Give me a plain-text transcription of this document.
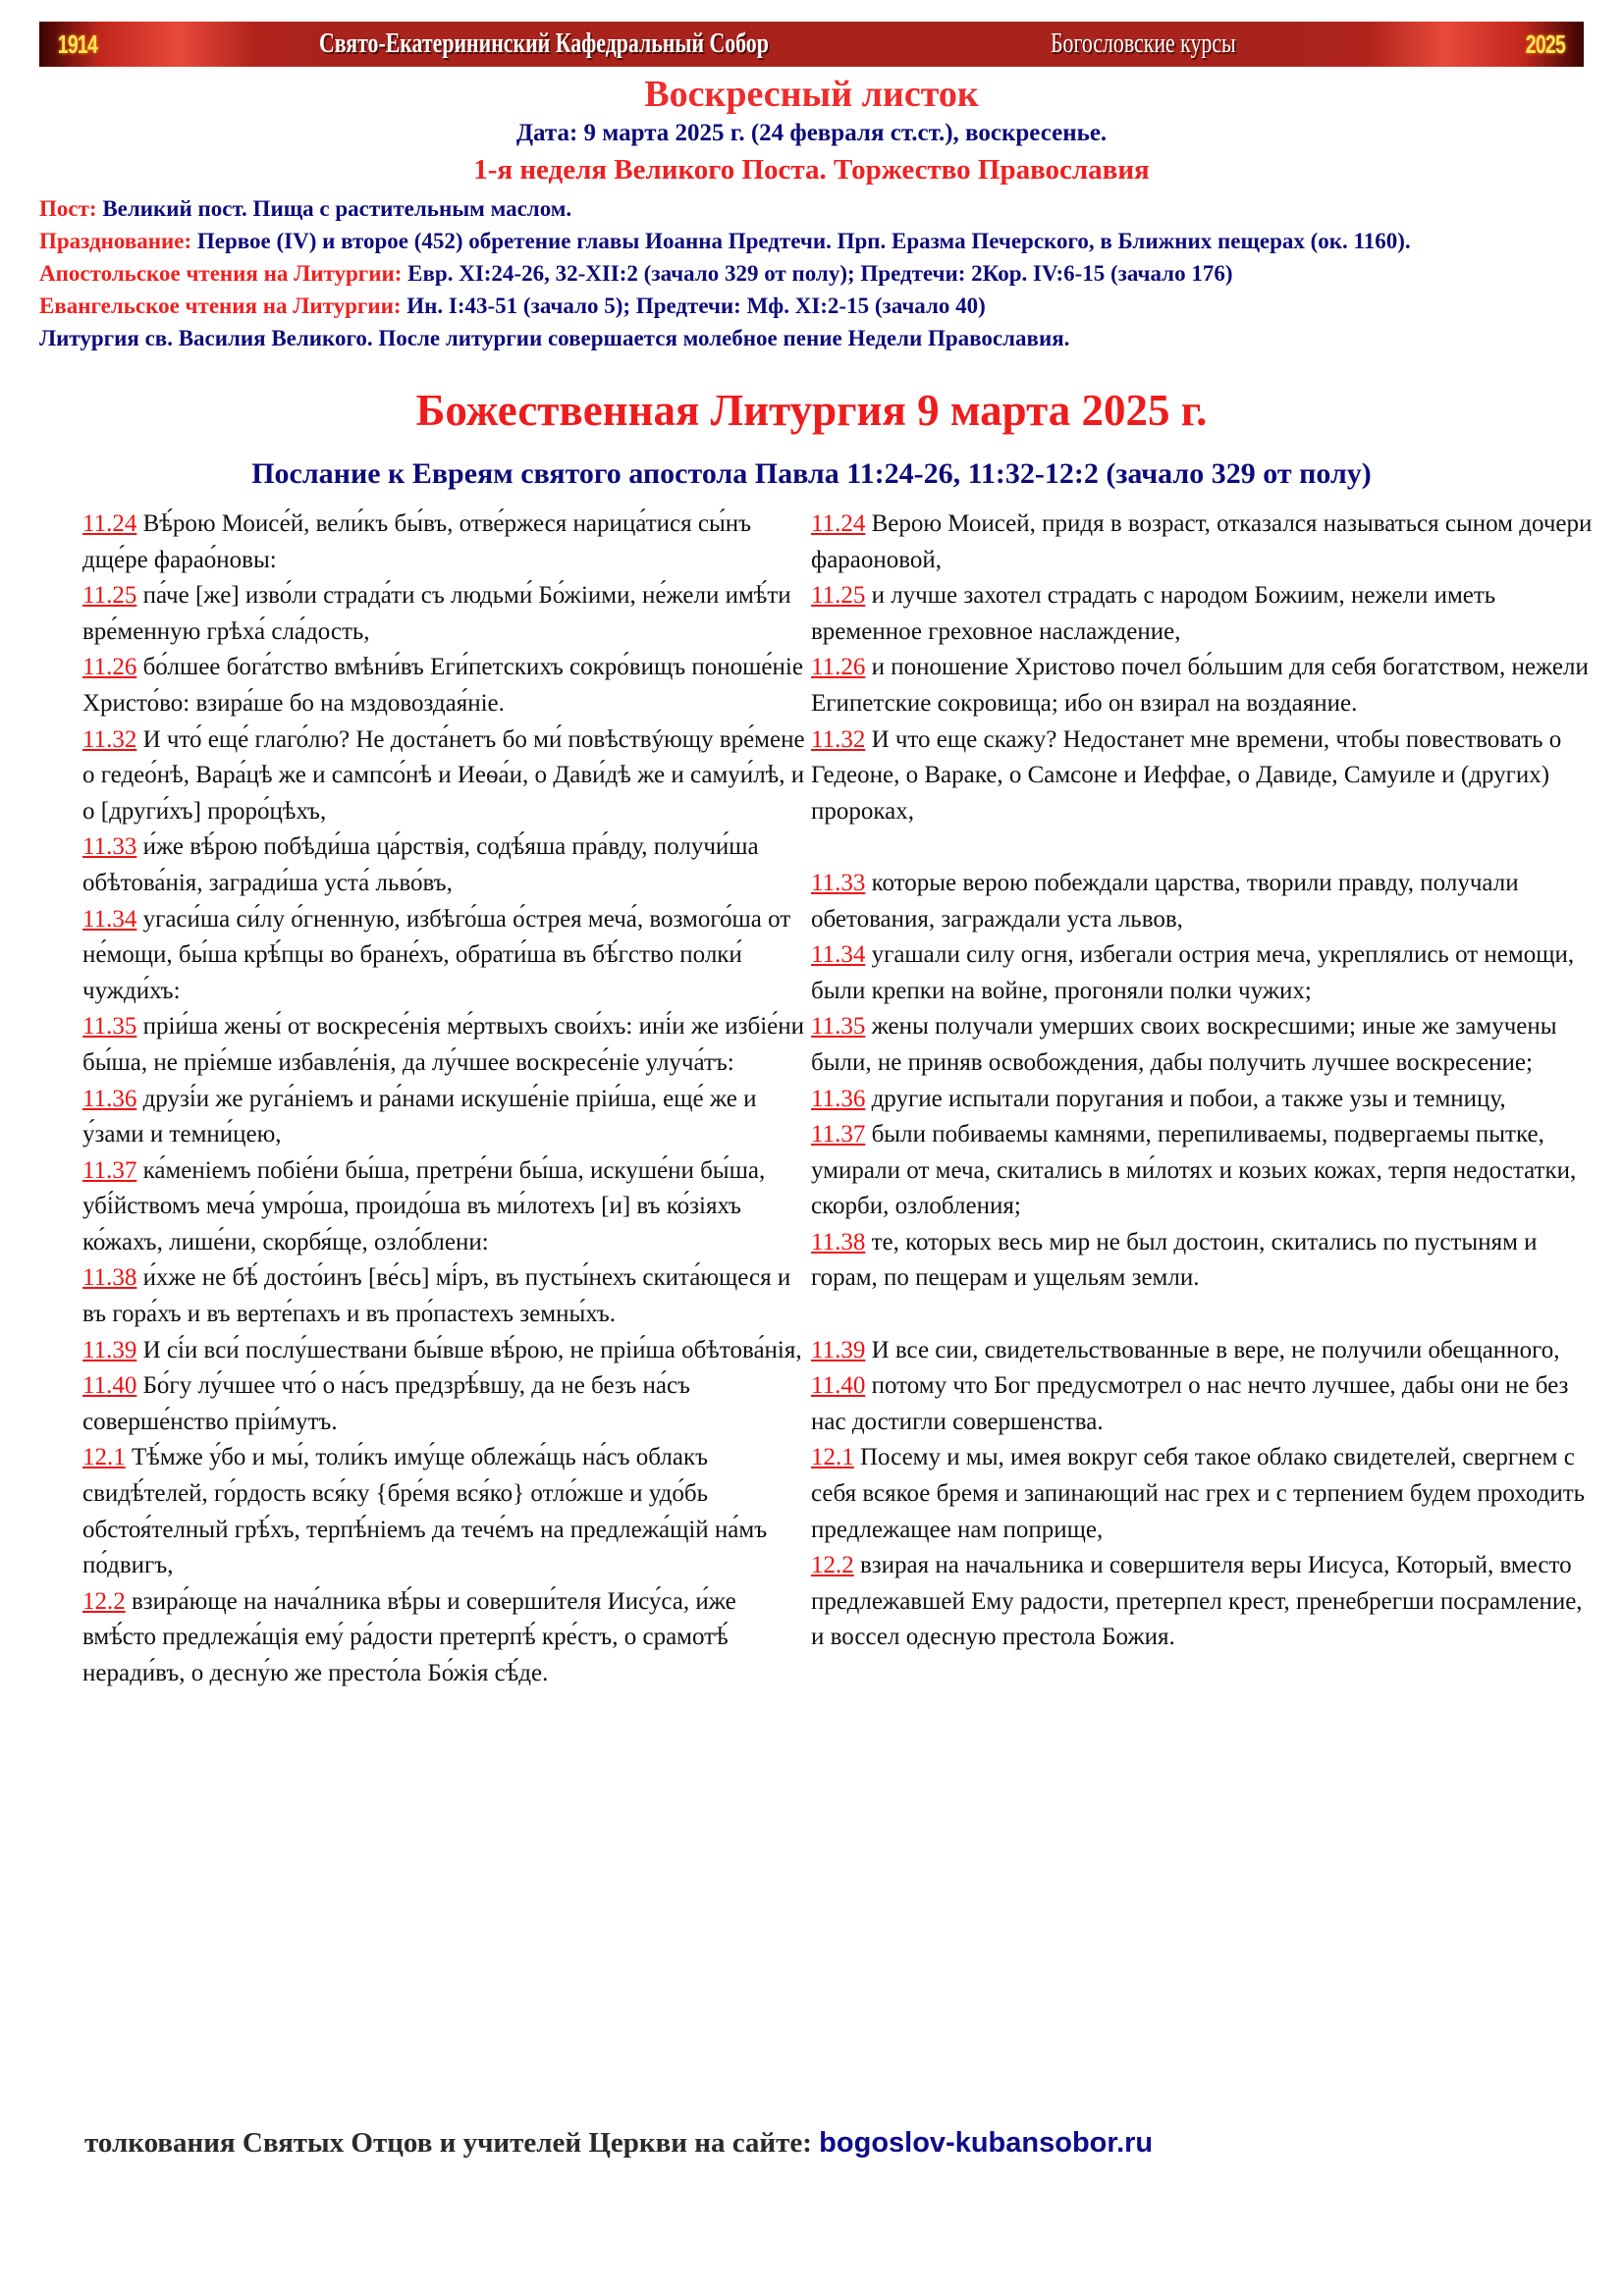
1914	Свято-Екатерининский Кафедральный Собор	Богословские курсы	2025
Воскресный листок
Дата: 9 марта 2025 г. (24 февраля ст.ст.), воскресенье.
1-я неделя Великого Поста. Торжество Православия
Пост: Великий пост. Пища с растительным маслом.
Празднование: Первое (IV) и второе (452) обретение главы Иоанна Предтечи. Прп. Еразма Печерского, в Ближних пещерах (ок. 1160).
Апостольское чтения на Литургии: Евр. XI:24-26, 32-XII:2 (зачало 329 от полу); Предтечи: 2Кор. IV:6-15 (зачало 176)
Евангельское чтения на Литургии: Ин. I:43-51 (зачало 5); Предтечи: Мф. XI:2-15 (зачало 40)
Литургия св. Василия Великого. После литургии совершается молебное пение Недели Православия.
Божественная Литургия 9 марта 2025 г.
Послание к Евреям святого апостола Павла 11:24-26, 11:32-12:2 (зачало 329 от полу)
11.24 Вѣ́рою Моисе́й, вели́къ бы́въ, отве́ржеся нарица́тися сы́нъ дще́ре фарао́новы:
11.25 па́че [же] изво́ли страда́ти съ людьми́ Бо́жіими, не́жели имѣ́ти вре́менную грѣха́ сла́дость,
11.26 бо́лшее бога́тство вмѣни́въ Еги́петскихъ сокро́вищъ поноше́ніе Христо́во: взира́ше бо на мздовоздая́ніе.
11.32 И что́ еще́ глаго́лю? Не доста́нетъ бо ми́ повѣствýющу вре́мене о гедео́нѣ, Вара́цѣ же и сампсо́нѣ и Иеѳа́и, о Дави́дѣ же и самуи́лѣ, и о [други́хъ] проро́цѣхъ,
11.33 и́же вѣ́рою побѣди́ша ца́рствія, содѣ́яша пра́вду, получи́ша обѣтова́нія, загради́ша уста́ льво́въ,
11.34 угаси́ша си́лу о́гненную, избѣго́ша о́стрея меча́, возмого́ша от не́мощи, бы́ша крѣ́пцы во бране́хъ, обрати́ша въ бѣ́гство полки́ чужди́хъ:
11.35 пріи́ша жены́ от воскресе́нія ме́ртвыхъ свои́хъ: ині́и же избіе́ни бы́ша, не пріе́мше избавле́нія, да лу́чшее воскресе́ніе улуча́тъ:
11.36 друзі́и же руга́ніемъ и ра́нами искуше́ніе пріи́ша, еще́ же и у́зами и темни́цею,
11.37 ка́меніемъ побіе́ни бы́ша, претре́ни бы́ша, искуше́ни бы́ша, убі́йствомъ меча́ умро́ша, проидо́ша въ ми́лотехъ [и] въ ко́зіяхъ ко́жахъ, лише́ни, скорбя́ще, озло́блени:
11.38 и́хже не бѣ́ досто́инъ [ве́сь] мі́ръ, въ пусты́нехъ скита́ющеся и въ гора́хъ и въ верте́пахъ и въ про́пастехъ земны́хъ.
11.39 И сі́и вси́ послу́шествани бы́вше вѣ́рою, не пріи́ша обѣтова́нія,
11.40 Бо́гу лу́чшее что́ о на́съ предзрѣ́вшу, да не безъ на́съ соверше́нство пріи́мутъ.
12.1 Тѣ́мже у́бо и мы́, толи́къ иму́ще облежа́щь на́съ облакъ свидѣ́телей, го́рдость вся́ку {бре́мя вся́ко} отло́жше и удо́бь обстоя́телный грѣ́хъ, терпѣ́ніемъ да тече́мъ на предлежа́щій на́мъ по́двигъ,
12.2 взира́юще на нача́лника вѣ́ры и соверши́теля Иису́са, и́же вмѣ́сто предлежа́щія ему́ ра́дости претерпѣ́ кре́стъ, о срамотѣ́ неради́въ, о десну́ю же престо́ла Бо́жія сѣ́де.
11.24 Верою Моисей, придя в возраст, отказался называться сыном дочери фараоновой,
11.25 и лучше захотел страдать с народом Божиим, нежели иметь временное греховное наслаждение,
11.26 и поношение Христово почел бо́льшим для себя богатством, нежели Египетские сокровища; ибо он взирал на воздаяние.
11.32 И что еще скажу? Недостанет мне времени, чтобы повествовать о Гедеоне, о Вараке, о Самсоне и Иеффае, о Давиде, Самуиле и (других) пророках,
11.33 которые верою побеждали царства, творили правду, получали обетования, заграждали уста львов,
11.34 угашали силу огня, избегали острия меча, укреплялись от немощи, были крепки на войне, прогоняли полки чужих;
11.35 жены получали умерших своих воскресшими; иные же замучены были, не приняв освобождения, дабы получить лучшее воскресение;
11.36 другие испытали поругания и побои, а также узы и темницу,
11.37 были побиваемы камнями, перепиливаемы, подвергаемы пытке, умирали от меча, скитались в ми́лотях и козьих кожах, терпя недостатки, скорби, озлобления;
11.38 те, которых весь мир не был достоин, скитались по пустыням и горам, по пещерам и ущельям земли.
11.39 И все сии, свидетельствованные в вере, не получили обещанного,
11.40 потому что Бог предусмотрел о нас нечто лучшее, дабы они не без нас достигли совершенства.
12.1 Посему и мы, имея вокруг себя такое облако свидетелей, свергнем с себя всякое бремя и запинающий нас грех и с терпением будем проходить предлежащее нам поприще,
12.2 взирая на начальника и совершителя веры Иисуса, Который, вместо предлежавшей Ему радости, претерпел крест, пренебрегши посрамление, и воссел одесную престола Божия.
толкования Святых Отцов и учителей Церкви на сайте: bogoslov-kubansobor.ru
